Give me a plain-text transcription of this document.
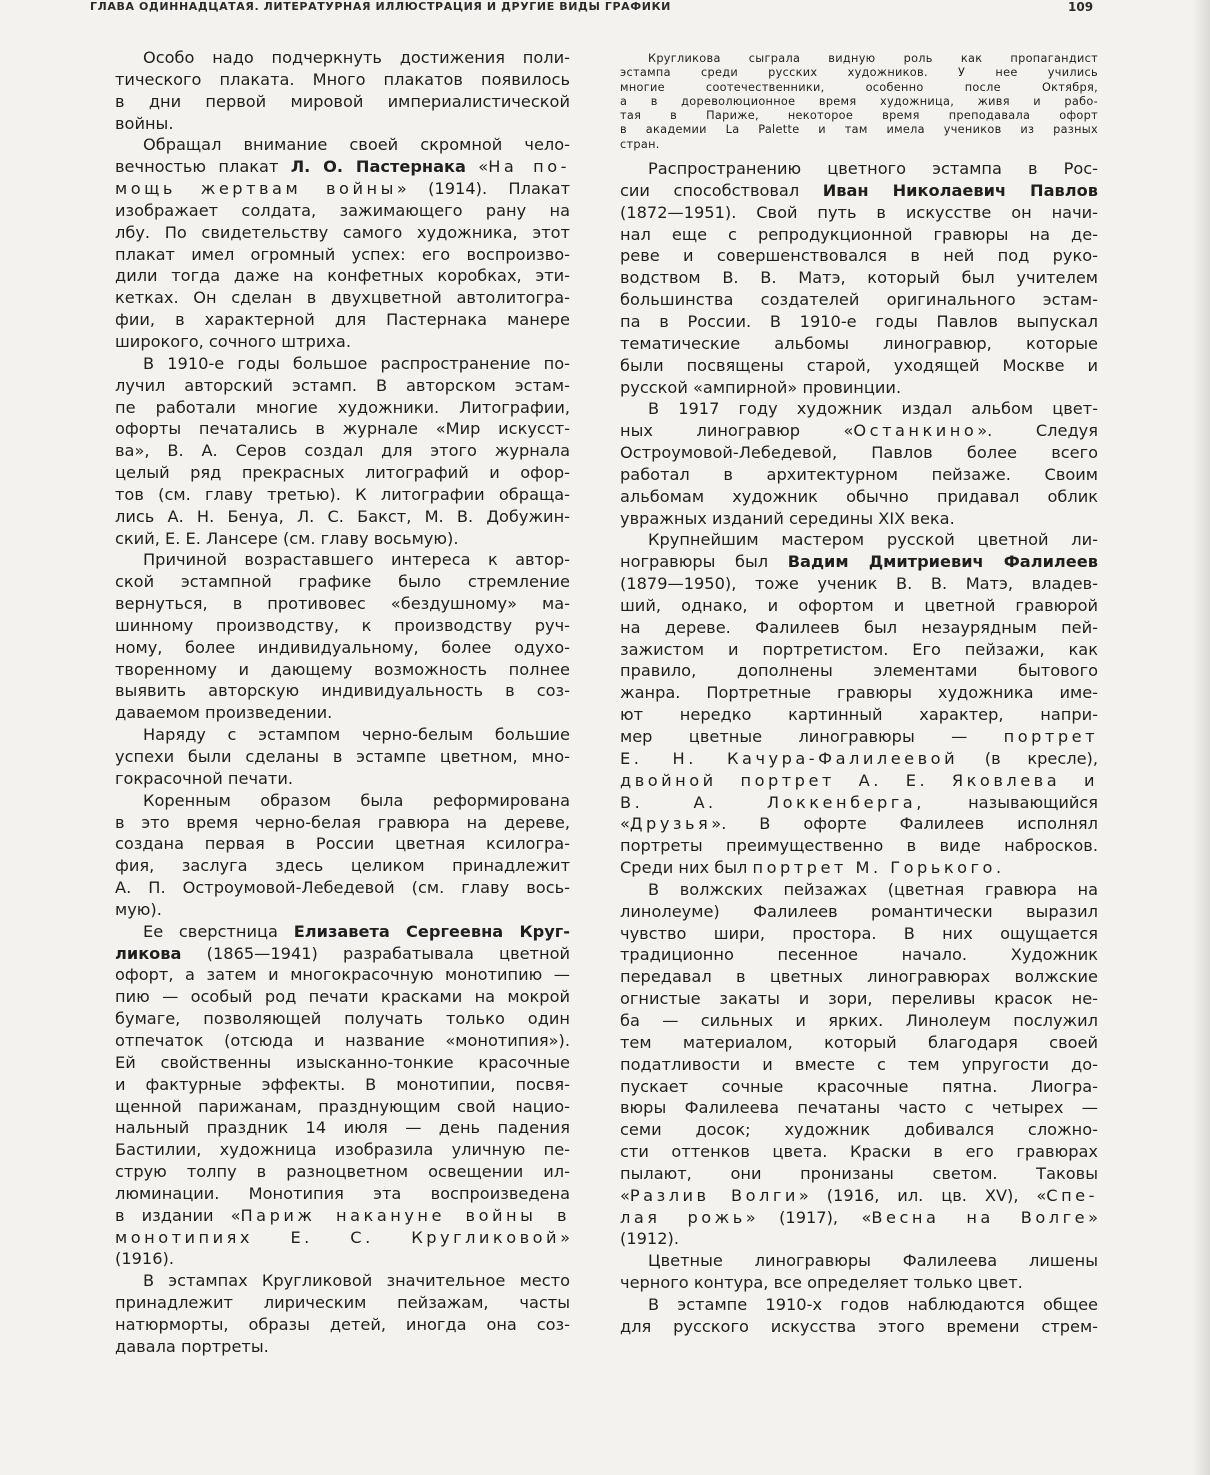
ГЛАВА ОДИННАДЦАТАЯ. ЛИТЕРАТУРНАЯ ИЛЛЮСТРАЦИЯ И ДРУГИЕ ВИДЫ ГРАФИКИ	109

Особо надо подчеркнуть достижения поли-
тического плаката. Много плакатов появилось
в дни первой мировой империалистической
войны.

Обращал внимание своей скромной чело-
вечностью плакат Л. О. Пастернака «На по-
мощь жертвам войны» (1914). Плакат
изображает солдата, зажимающего рану на
лбу. По свидетельству самого художника, этот
плакат имел огромный успех: его воспроизво-
дили тогда даже на конфетных коробках, эти-
кетках. Он сделан в двухцветной автолитогра-
фии, в характерной для Пастернака манере
широкого, сочного штриха.

В 1910-е годы большое распространение по-
лучил авторский эстамп. В авторском эстам-
пе работали многие художники. Литографии,
офорты печатались в журнале «Мир искусст-
ва», В. А. Серов создал для этого журнала
целый ряд прекрасных литографий и офор-
тов (см. главу третью). К литографии обраща-
лись А. Н. Бенуа, Л. С. Бакст, М. В. Добужин-
ский, Е. Е. Лансере (см. главу восьмую).

Причиной возраставшего интереса к автор-
ской эстампной графике было стремление
вернуться, в противовес «бездушному» ма-
шинному производству, к производству руч-
ному, более индивидуальному, более одухо-
творенному и дающему возможность полнее
выявить авторскую индивидуальность в соз-
даваемом произведении.

Наряду с эстампом черно-белым большие
успехи были сделаны в эстампе цветном, мно-
гокрасочной печати.

Коренным образом была реформирована
в это время черно-белая гравюра на дереве,
создана первая в России цветная ксилогра-
фия, заслуга здесь целиком принадлежит
А. П. Остроумовой-Лебедевой (см. главу вось-
мую).

Ее сверстница Елизавета Сергеевна Круг-
ликова (1865—1941) разрабатывала цветной
офорт, а затем и многокрасочную монотипию —
пию — особый род печати красками на мокрой
бумаге, позволяющей получать только один
отпечаток (отсюда и название «монотипия»).
Ей свойственны изысканно-тонкие красочные
и фактурные эффекты. В монотипии, посвя-
щенной парижанам, празднующим свой нацио-
нальный праздник 14 июля — день падения
Бастилии, художница изобразила уличную пе-
струю толпу в разноцветном освещении ил-
люминации. Монотипия эта воспроизведена
в издании «Париж накануне войны в
монотипиях Е. С. Кругликовой»
(1916).

В эстампах Кругликовой значительное место
принадлежит лирическим пейзажам, часты
натюрморты, образы детей, иногда она соз-
давала портреты.

Кругликова сыграла видную роль как пропагандист
эстампа среди русских художников. У нее учились
многие соотечественники, особенно после Октября,
а в дореволюционное время художница, живя и рабо-
тая в Париже, некоторое время преподавала офорт
в академии La Palette и там имела учеников из разных
стран.

Распространению цветного эстампа в Рос-
сии способствовал Иван Николаевич Павлов
(1872—1951). Свой путь в искусстве он начи-
нал еще с репродукционной гравюры на де-
реве и совершенствовался в ней под руко-
водством В. В. Матэ, который был учителем
большинства создателей оригинального эстам-
па в России. В 1910-е годы Павлов выпускал
тематические альбомы линогравюр, которые
были посвящены старой, уходящей Москве и
русской «ампирной» провинции.

В 1917 году художник издал альбом цвет-
ных линогравюр «Останкино». Следуя
Остроумовой-Лебедевой, Павлов более всего
работал в архитектурном пейзаже. Своим
альбомам художник обычно придавал облик
увражных изданий середины XIX века.

Крупнейшим мастером русской цветной ли-
ногравюры был Вадим Дмитриевич Фалилеев
(1879—1950), тоже ученик В. В. Матэ, владев-
ший, однако, и офортом и цветной гравюрой
на дереве. Фалилеев был незаурядным пей-
зажистом и портретистом. Его пейзажи, как
правило, дополнены элементами бытового
жанра. Портретные гравюры художника име-
ют нередко картинный характер, напри-
мер цветные линогравюры — портрет
Е. Н. Качура-Фалилеевой (в кресле),
двойной портрет А. Е. Яковлева и
В. А. Локкенберга, называющийся
«Друзья». В офорте Фалилеев исполнял
портреты преимущественно в виде набросков.
Среди них был портрет М. Горького.

В волжских пейзажах (цветная гравюра на
линолеуме) Фалилеев романтически выразил
чувство шири, простора. В них ощущается
традиционно песенное начало. Художник
передавал в цветных линогравюрах волжские
огнистые закаты и зори, переливы красок не-
ба — сильных и ярких. Линолеум послужил
тем материалом, который благодаря своей
податливости и вместе с тем упругости до-
пускает сочные красочные пятна. Лиогра-
вюры Фалилеева печатаны часто с четырех —
семи досок; художник добивался сложно-
сти оттенков цвета. Краски в его гравюрах
пылают, они пронизаны светом. Таковы
«Разлив Волги» (1916, ил. цв. XV), «Спе-
лая рожь» (1917), «Весна на Волге»
(1912).

Цветные линогравюры Фалилеева лишены
черного контура, все определяет только цвет.

В эстампе 1910-х годов наблюдаются общее
для русского искусства этого времени стрем-
